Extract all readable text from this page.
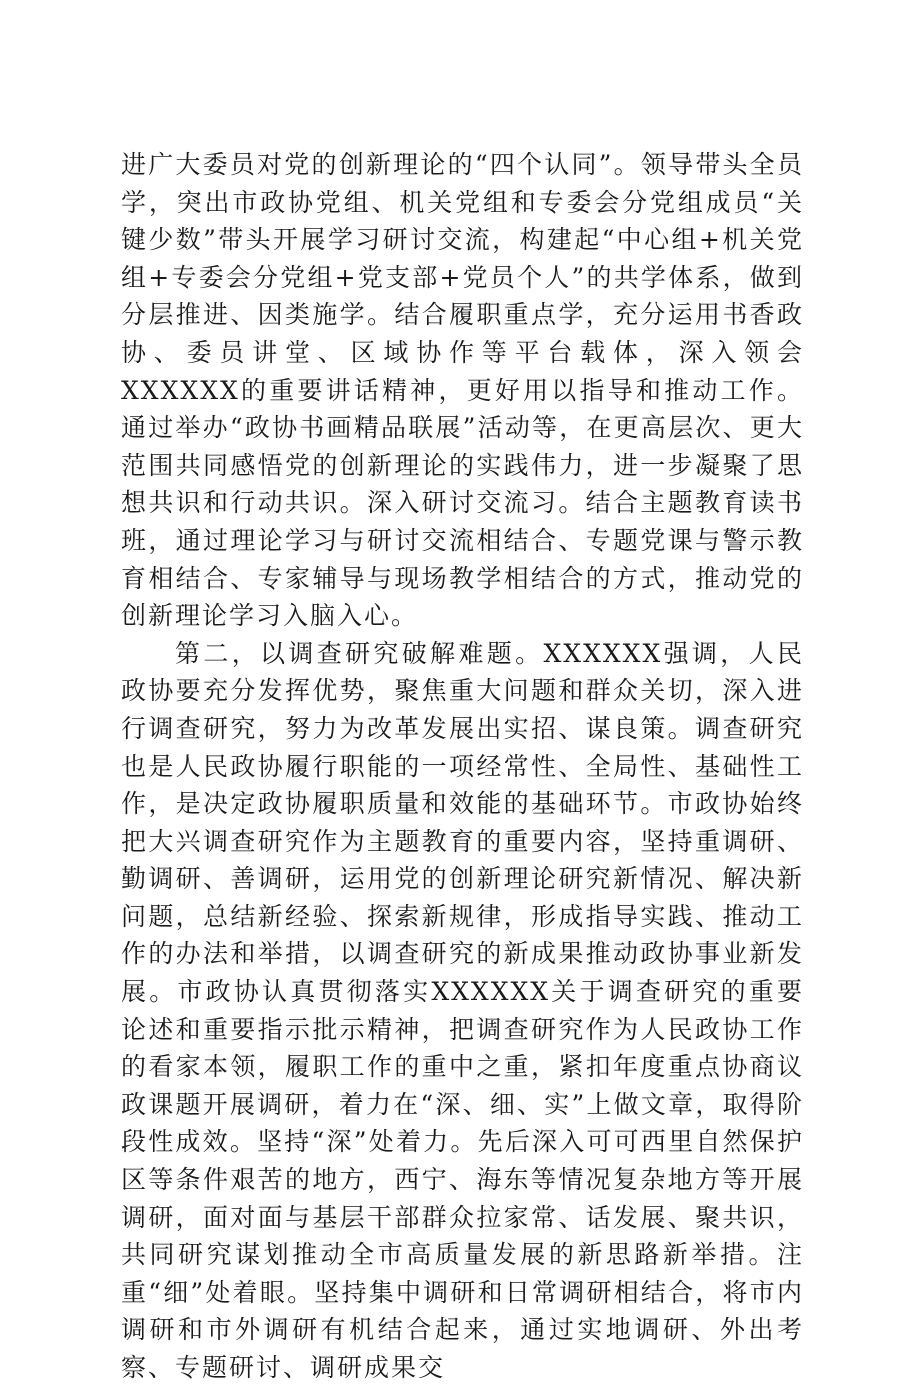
进广大委员对党的创新理论的“四个认同”。领导带头全员学，突出市政协党组、机关党组和专委会分党组成员“关键少数”带头开展学习研讨交流，构建起“中心组+机关党组+专委会分党组+党支部+党员个人”的共学体系，做到分层推进、因类施学。结合履职重点学，充分运用书香政协、委员讲堂、区域协作等平台载体，深入领会XXXXXX的重要讲话精神，更好用以指导和推动工作。通过举办“政协书画精品联展”活动等，在更高层次、更大范围共同感悟党的创新理论的实践伟力，进一步凝聚了思想共识和行动共识。深入研讨交流习。结合主题教育读书班，通过理论学习与研讨交流相结合、专题党课与警示教育相结合、专家辅导与现场教学相结合的方式，推动党的创新理论学习入脑入心。

第二，以调查研究破解难题。XXXXXX强调，人民政协要充分发挥优势，聚焦重大问题和群众关切，深入进行调查研究，努力为改革发展出实招、谋良策。调查研究也是人民政协履行职能的一项经常性、全局性、基础性工作，是决定政协履职质量和效能的基础环节。市政协始终把大兴调查研究作为主题教育的重要内容，坚持重调研、勤调研、善调研，运用党的创新理论研究新情况、解决新问题，总结新经验、探索新规律，形成指导实践、推动工作的办法和举措，以调查研究的新成果推动政协事业新发展。市政协认真贯彻落实XXXXXX关于调查研究的重要论述和重要指示批示精神，把调查研究作为人民政协工作的看家本领，履职工作的重中之重，紧扣年度重点协商议政课题开展调研，着力在“深、细、实”上做文章，取得阶段性成效。坚持“深”处着力。先后深入可可西里自然保护区等条件艰苦的地方，西宁、海东等情况复杂地方等开展调研，面对面与基层干部群众拉家常、话发展、聚共识，共同研究谋划推动全市高质量发展的新思路新举措。注重“细”处着眼。坚持集中调研和日常调研相结合，将市内调研和市外调研有机结合起来，通过实地调研、外出考察、专题研讨、调研成果交
